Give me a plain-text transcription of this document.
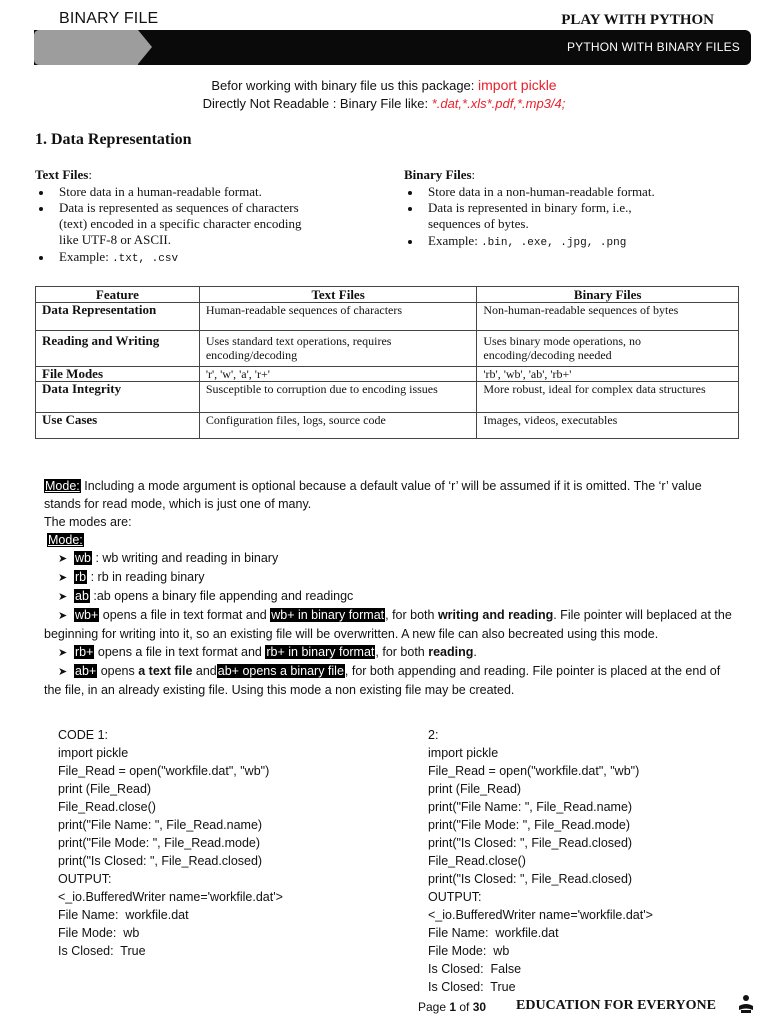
BINARY FILE	PLAY WITH PYTHON
PYTHON WITH BINARY FILES
Befor working with binary file us this package: import pickle
Directly Not Readable : Binary File like: *.dat,*.xls*.pdf,*.mp3/4;
1. Data Representation
Text Files:
• Store data in a human-readable format.
• Data is represented as sequences of characters (text) encoded in a specific character encoding like UTF-8 or ASCII.
• Example: .txt, .csv
Binary Files:
• Store data in a non-human-readable format.
• Data is represented in binary form, i.e., sequences of bytes.
• Example: .bin, .exe, .jpg, .png
Feature	Text Files	Binary Files
Data Representation	Human-readable sequences of characters	Non-human-readable sequences of bytes
Reading and Writing	Uses standard text operations, requires encoding/decoding	Uses binary mode operations, no encoding/decoding needed
File Modes	'r', 'w', 'a', 'r+'	'rb', 'wb', 'ab', 'rb+'
Data Integrity	Susceptible to corruption due to encoding issues	More robust, ideal for complex data structures
Use Cases	Configuration files, logs, source code	Images, videos, executables

Mode: Including a mode argument is optional because a default value of ‘r’ will be assumed if it is omitted. The ‘r’ value stands for read mode, which is just one of many.

The modes are:

Mode:

➤ wb : wb writing and reading in binary

➤ rb : rb in reading binary

➤ ab :ab opens a binary file appending and readingc

➤ wb+ opens a file in text format and wb+ in binary format, for both writing and reading. File pointer will beplaced at the beginning for writing into it, so an existing file will be overwritten. A new file can also becreated using this mode.

➤ rb+ opens a file in text format and rb+ in binary format, for both reading.

➤ ab+ opens a text file andab+ opens a binary file, for both appending and reading. File pointer is placed at the end of the file, in an already existing file. Using this mode a non existing file may be created.

CODE 1:
import pickle
File_Read = open("workfile.dat", "wb")
print (File_Read)
File_Read.close()
print("File Name: ", File_Read.name)
print("File Mode: ", File_Read.mode)
print("Is Closed: ", File_Read.closed)
OUTPUT:
<_io.BufferedWriter name='workfile.dat'>
File Name:  workfile.dat
File Mode:  wb
Is Closed:  True
2:
import pickle
File_Read = open("workfile.dat", "wb")
print (File_Read)
print("File Name: ", File_Read.name)
print("File Mode: ", File_Read.mode)
print("Is Closed: ", File_Read.closed)
File_Read.close()
print("Is Closed: ", File_Read.closed)
OUTPUT:
<_io.BufferedWriter name='workfile.dat'>
File Name:  workfile.dat
File Mode:  wb
Is Closed:  False
Is Closed:  True
Page 1 of 30 EDUCATION FOR EVERYONE
